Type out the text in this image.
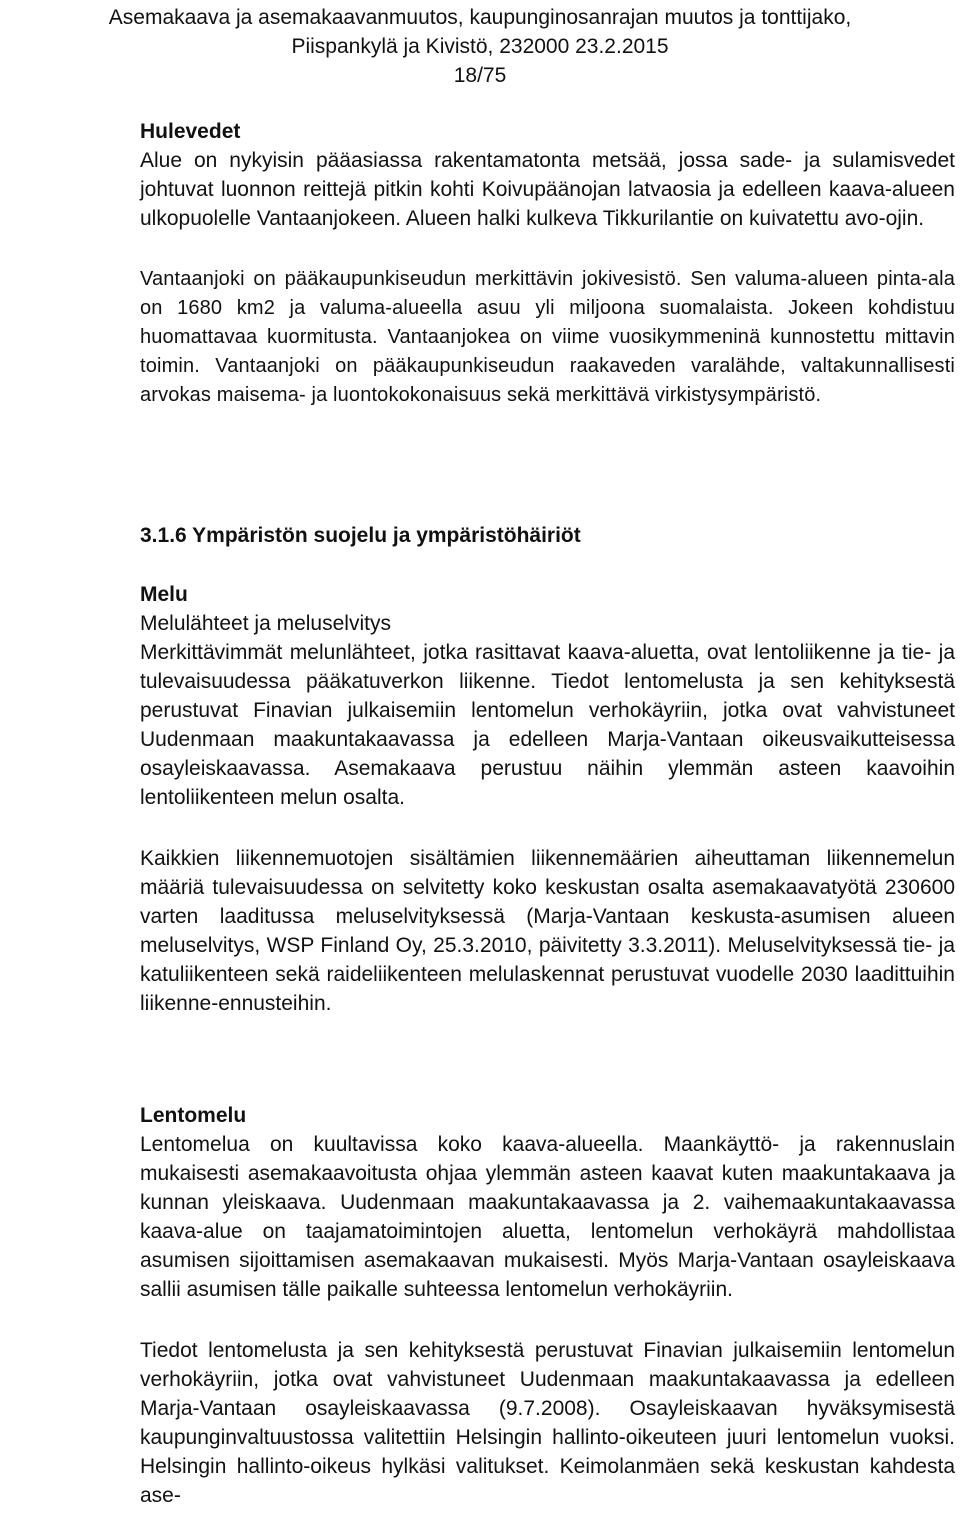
Asemakaava ja asemakaavanmuutos, kaupunginosanrajan muutos ja tonttijako,
Piispankylä ja Kivistö, 232000 23.2.2015
18/75
Hulevedet

Alue on nykyisin pääasiassa rakentamatonta metsää, jossa sade- ja sulamisvedet johtuvat luonnon reittejä pitkin kohti Koivupäänojan latvaosia ja edelleen kaava-alueen ulkopuolelle Vantaanjokeen. Alueen halki kulkeva Tikkurilantie on kuivatettu avo-ojin.

Vantaanjoki on pääkaupunkiseudun merkittävin jokivesistö. Sen valuma-alueen pinta-ala on 1680 km2 ja valuma-alueella asuu yli miljoona suomalaista. Jokeen kohdistuu huomattavaa kuormitusta. Vantaanjokea on viime vuosikymmeninä kunnostettu mittavin toimin. Vantaanjoki on pääkaupunkiseudun raakaveden varalähde, valtakunnallisesti arvokas maisema- ja luontokokonaisuus sekä merkittävä virkistysympäristö.

3.1.6 Ympäristön suojelu ja ympäristöhäiriöt
Melu
Melulähteet ja meluselvitys

Merkittävimmät melunlähteet, jotka rasittavat kaava-aluetta, ovat lentoliikenne ja tie- ja tulevaisuudessa pääkatuverkon liikenne. Tiedot lentomelusta ja sen kehityksestä perustuvat Finavian julkaisemiin lentomelun verhokäyriin, jotka ovat vahvistuneet Uudenmaan maakuntakaavassa ja edelleen Marja-Vantaan oikeusvaikutteisessa osayleiskaavassa. Asemakaava perustuu näihin ylemmän asteen kaavoihin lentoliikenteen melun osalta.

Kaikkien liikennemuotojen sisältämien liikennemäärien aiheuttaman liikennemelun määriä tulevaisuudessa on selvitetty koko keskustan osalta asemakaavatyötä 230600 varten laaditussa meluselvityksessä (Marja-Vantaan keskusta-asumisen alueen meluselvitys, WSP Finland Oy, 25.3.2010, päivitetty 3.3.2011). Meluselvityksessä tie- ja katuliikenteen sekä raideliikenteen melulaskennat perustuvat vuodelle 2030 laadittuihin liikenne-ennusteihin.

Lentomelu

Lentomelua on kuultavissa koko kaava-alueella. Maankäyttö- ja rakennuslain mukaisesti asemakaavoitusta ohjaa ylemmän asteen kaavat kuten maakuntakaava ja kunnan yleiskaava. Uudenmaan maakuntakaavassa ja 2. vaihemaakuntakaavassa kaava-alue on taajamatoimintojen aluetta, lentomelun verhokäyrä mahdollistaa asumisen sijoittamisen asemakaavan mukaisesti. Myös Marja-Vantaan osayleiskaava sallii asumisen tälle paikalle suhteessa lentomelun verhokäyriin.

Tiedot lentomelusta ja sen kehityksestä perustuvat Finavian julkaisemiin lentomelun verhokäyriin, jotka ovat vahvistuneet Uudenmaan maakuntakaavassa ja edelleen Marja-Vantaan osayleiskaavassa (9.7.2008). Osayleiskaavan hyväksymisestä kaupunginvaltuustossa valitettiin Helsingin hallinto-oikeuteen juuri lentomelun vuoksi. Helsingin hallinto-oikeus hylkäsi valitukset. Keimolanmäen sekä keskustan kahdesta ase-
